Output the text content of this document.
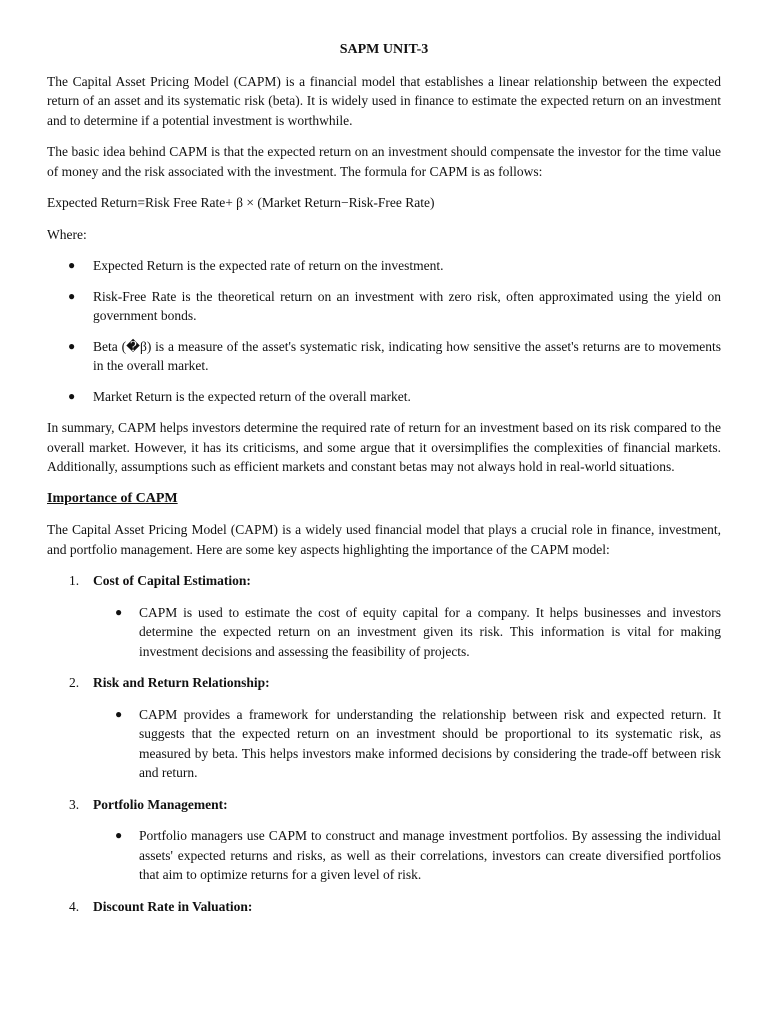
SAPM UNIT-3

The Capital Asset Pricing Model (CAPM) is a financial model that establishes a linear relationship between the expected return of an asset and its systematic risk (beta). It is widely used in finance to estimate the expected return on an investment and to determine if a potential investment is worthwhile.

The basic idea behind CAPM is that the expected return on an investment should compensate the investor for the time value of money and the risk associated with the investment. The formula for CAPM is as follows:

Expected Return=Risk Free Rate+ β × (Market Return−Risk-Free Rate)
Where:
● Expected Return is the expected rate of return on the investment.
● Risk-Free Rate is the theoretical return on an investment with zero risk, often approximated using the yield on government bonds.
● Beta (�β) is a measure of the asset's systematic risk, indicating how sensitive the asset's returns are to movements in the overall market.
● Market Return is the expected return of the overall market.

In summary, CAPM helps investors determine the required rate of return for an investment based on its risk compared to the overall market. However, it has its criticisms, and some argue that it oversimplifies the complexities of financial markets. Additionally, assumptions such as efficient markets and constant betas may not always hold in real-world situations.

Importance of CAPM

The Capital Asset Pricing Model (CAPM) is a widely used financial model that plays a crucial role in finance, investment, and portfolio management. Here are some key aspects highlighting the importance of the CAPM model:

1. Cost of Capital Estimation:
● CAPM is used to estimate the cost of equity capital for a company. It helps businesses and investors determine the expected return on an investment given its risk. This information is vital for making investment decisions and assessing the feasibility of projects.
2. Risk and Return Relationship:
● CAPM provides a framework for understanding the relationship between risk and expected return. It suggests that the expected return on an investment should be proportional to its systematic risk, as measured by beta. This helps investors make informed decisions by considering the trade-off between risk and return.
3. Portfolio Management:
● Portfolio managers use CAPM to construct and manage investment portfolios. By assessing the individual assets' expected returns and risks, as well as their correlations, investors can create diversified portfolios that aim to optimize returns for a given level of risk.
4. Discount Rate in Valuation:
